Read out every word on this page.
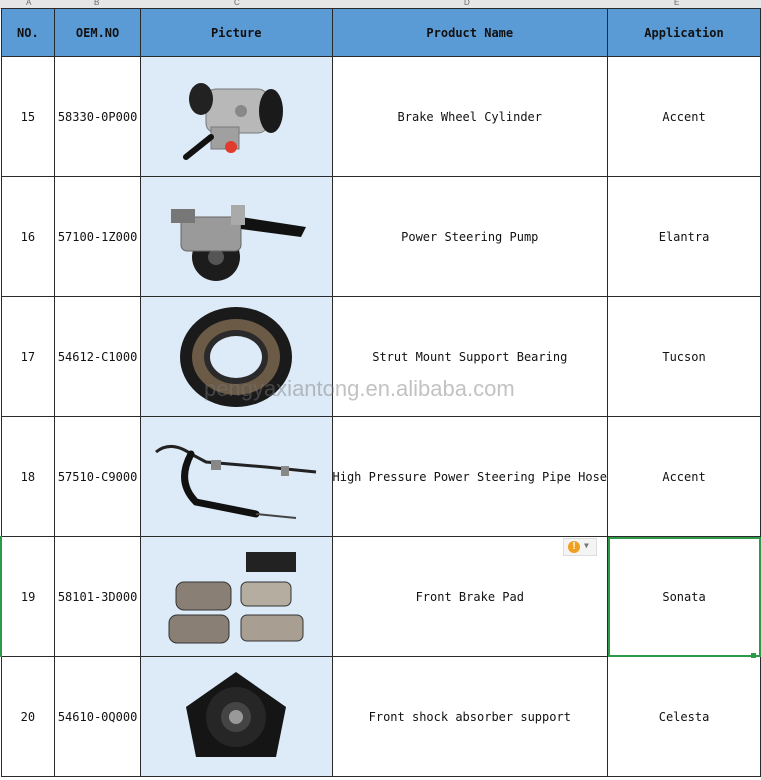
A	B	C	D	E
NO.	OEM.NO	Picture	Product Name	Application
15	58330-0P000		Brake Wheel Cylinder	Accent
16	57100-1Z000		Power Steering Pump	Elantra
17	54612-C1000		Strut Mount Support Bearing	Tucson
18	57510-C9000		High Pressure Power Steering Pipe Hose	Accent
19	58101-3D000		Front Brake Pad	Sonata
20	54610-0Q000		Front shock absorber support	Celesta
pengyaxiantong.en.alibaba.com
!	▼
